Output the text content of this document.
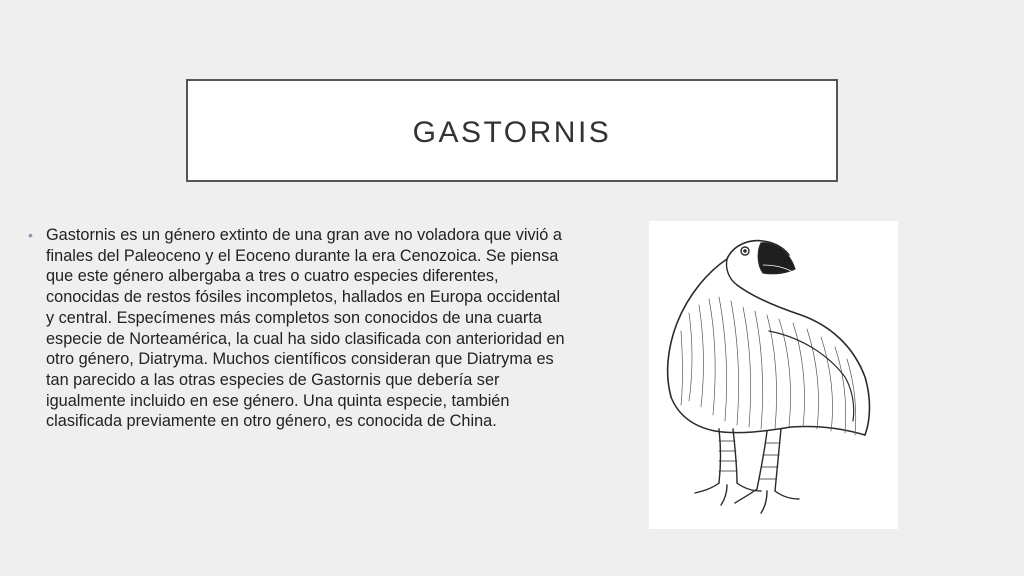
GASTORNIS
• Gastornis es un género extinto de una gran ave no voladora que vivió a finales del Paleoceno y el Eoceno durante la era Cenozoica. Se piensa que este género albergaba a tres o cuatro especies diferentes, conocidas de restos fósiles incompletos, hallados en Europa occidental y central. Especímenes más completos son conocidos de una cuarta especie de Norteamérica, la cual ha sido clasificada con anterioridad en otro género, Diatryma. Muchos científicos consideran que Diatryma es tan parecido a las otras especies de Gastornis que debería ser igualmente incluido en ese género. Una quinta especie, también clasificada previamente en otro género, es conocida de China.
